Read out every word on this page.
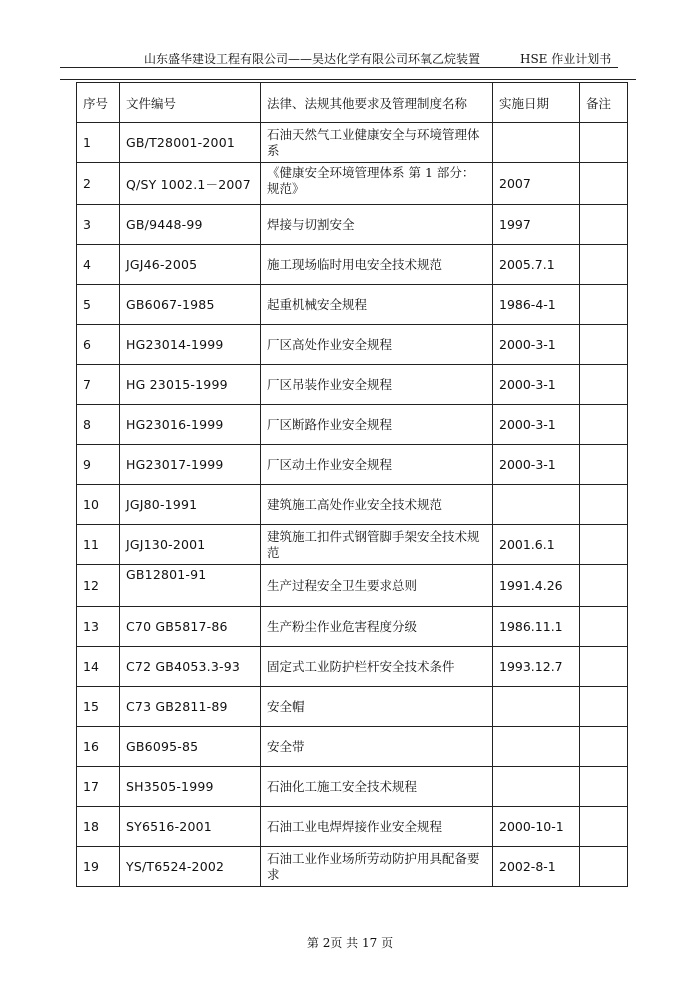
山东盛华建设工程有限公司——昊达化学有限公司环氧乙烷装置	HSE 作业计划书
序号	文件编号	法律、法规其他要求及管理制度名称	实施日期	备注
1	GB/T28001-2001	石油天然气工业健康安全与环境管理体系		
2	Q/SY 1002.1－2007	《健康安全环境管理体系 第 1 部分：规范》	2007	
3	GB/9448-99	焊接与切割安全	1997	
4	JGJ46-2005	施工现场临时用电安全技术规范	2005.7.1	
5	GB6067-1985	起重机械安全规程	1986-4-1	
6	HG23014-1999	厂区高处作业安全规程	2000-3-1	
7	HG 23015-1999	厂区吊装作业安全规程	2000-3-1	
8	HG23016-1999	厂区断路作业安全规程	2000-3-1	
9	HG23017-1999	厂区动土作业安全规程	2000-3-1	
10	JGJ80-1991	建筑施工高处作业安全技术规范		
11	JGJ130-2001	建筑施工扣件式钢管脚手架安全技术规范	2001.6.1	
12	GB12801-91	生产过程安全卫生要求总则	1991.4.26	
13	C70 GB5817-86	生产粉尘作业危害程度分级	1986.11.1	
14	C72 GB4053.3-93	固定式工业防护栏杆安全技术条件	1993.12.7	
15	C73 GB2811-89	安全帽		
16	GB6095-85	安全带		
17	SH3505-1999	石油化工施工安全技术规程		
18	SY6516-2001	石油工业电焊焊接作业安全规程	2000-10-1	
19	YS/T6524-2002	石油工业作业场所劳动防护用具配备要求	2002-8-1	
第 2页 共 17 页
